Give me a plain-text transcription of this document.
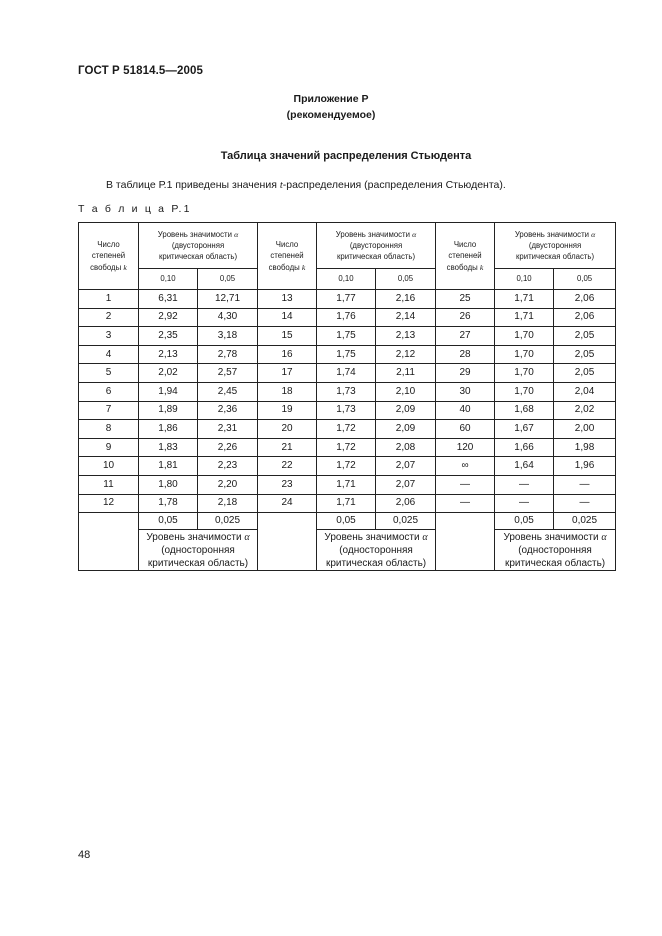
ГОСТ Р 51814.5—2005
Приложение Р
(рекомендуемое)
Таблица значений распределения Стьюдента
В таблице Р.1 приведены значения t-распределения (распределения Стьюдента).
Т а б л и ц а Р.1
Число
степеней
свободы k	Уровень значимости α
(двусторонняя
критическая область)		Число
степеней
свободы k	Уровень значимости α
(двусторонняя
критическая область)		Число
степеней
свободы k	Уровень значимости α
(двусторонняя
критическая область)	
	0,10	0,05		0,10	0,05		0,10	0,05
1	6,31	12,71	13	1,77	2,16	25	1,71	2,06
2	2,92	4,30	14	1,76	2,14	26	1,71	2,06
3	2,35	3,18	15	1,75	2,13	27	1,70	2,05
4	2,13	2,78	16	1,75	2,12	28	1,70	2,05
5	2,02	2,57	17	1,74	2,11	29	1,70	2,05
6	1,94	2,45	18	1,73	2,10	30	1,70	2,04
7	1,89	2,36	19	1,73	2,09	40	1,68	2,02
8	1,86	2,31	20	1,72	2,09	60	1,67	2,00
9	1,83	2,26	21	1,72	2,08	120	1,66	1,98
10	1,81	2,23	22	1,72	2,07	∞	1,64	1,96
11	1,80	2,20	23	1,71	2,07	—	—	—
12	1,78	2,18	24	1,71	2,06	—	—	—
	0,05	0,025		0,05	0,025		0,05	0,025
	Уровень значимости α
(односторонняя
критическая область)			Уровень значимости α
(односторонняя
критическая область)			Уровень значимости α
(односторонняя
критическая область)	
48
